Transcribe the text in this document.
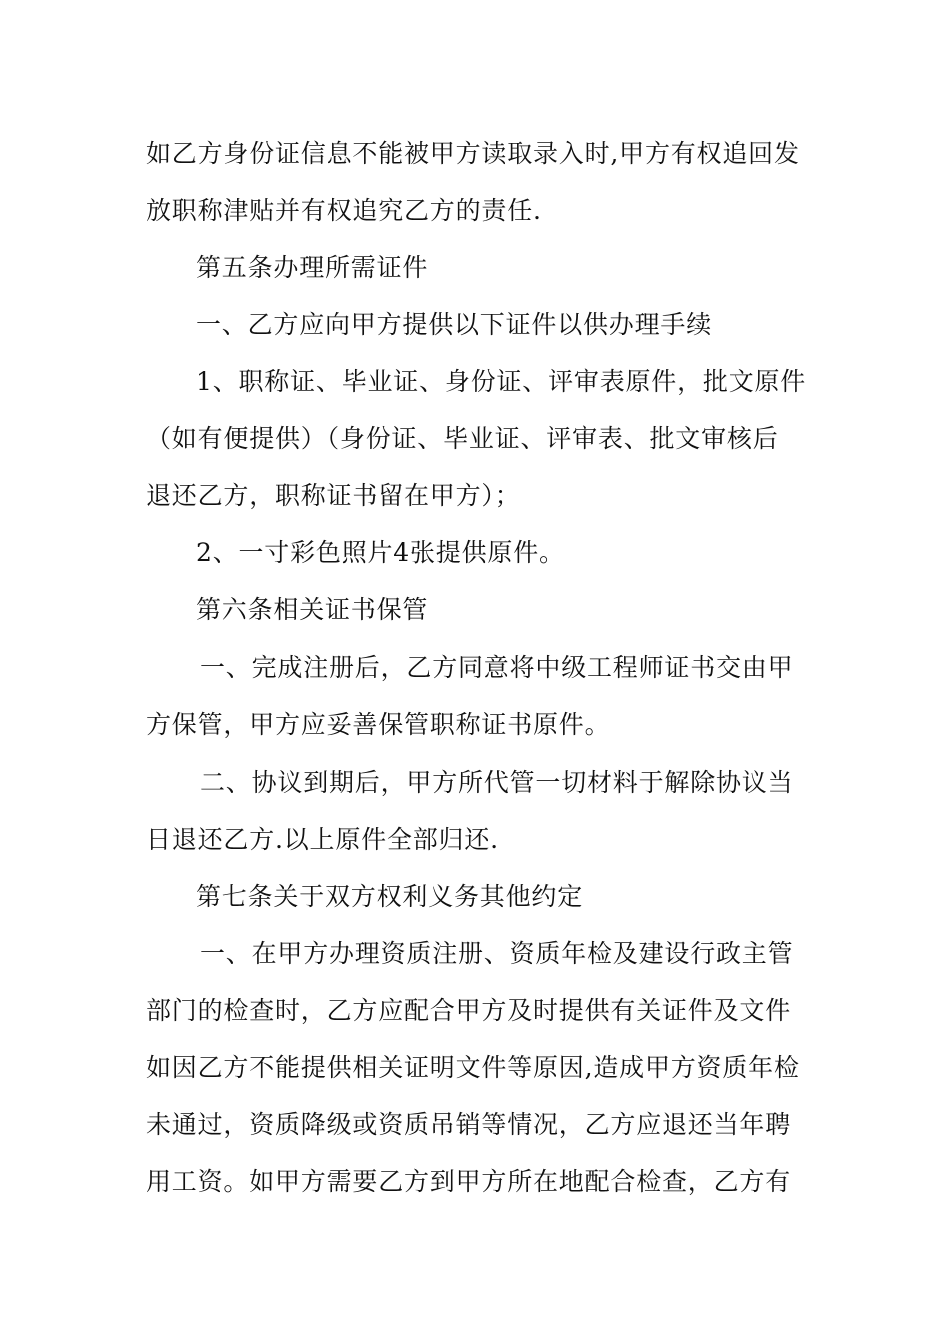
如乙方身份证信息不能被甲方读取录入时,甲方有权追回发
放职称津贴并有权追究乙方的责任.
第五条办理所需证件
一、乙方应向甲方提供以下证件以供办理手续
1、职称证、毕业证、身份证、评审表原件，批文原件
（如有便提供）（身份证、毕业证、评审表、批文审核后
退还乙方，职称证书留在甲方）；
2、一寸彩色照片4张提供原件。
第六条相关证书保管
一、完成注册后，乙方同意将中级工程师证书交由甲
方保管，甲方应妥善保管职称证书原件。
二、协议到期后，甲方所代管一切材料于解除协议当
日退还乙方.以上原件全部归还.
第七条关于双方权利义务其他约定
一、在甲方办理资质注册、资质年检及建设行政主管
部门的检查时，乙方应配合甲方及时提供有关证件及文件
如因乙方不能提供相关证明文件等原因,造成甲方资质年检
未通过，资质降级或资质吊销等情况，乙方应退还当年聘
用工资。如甲方需要乙方到甲方所在地配合检查，乙方有
